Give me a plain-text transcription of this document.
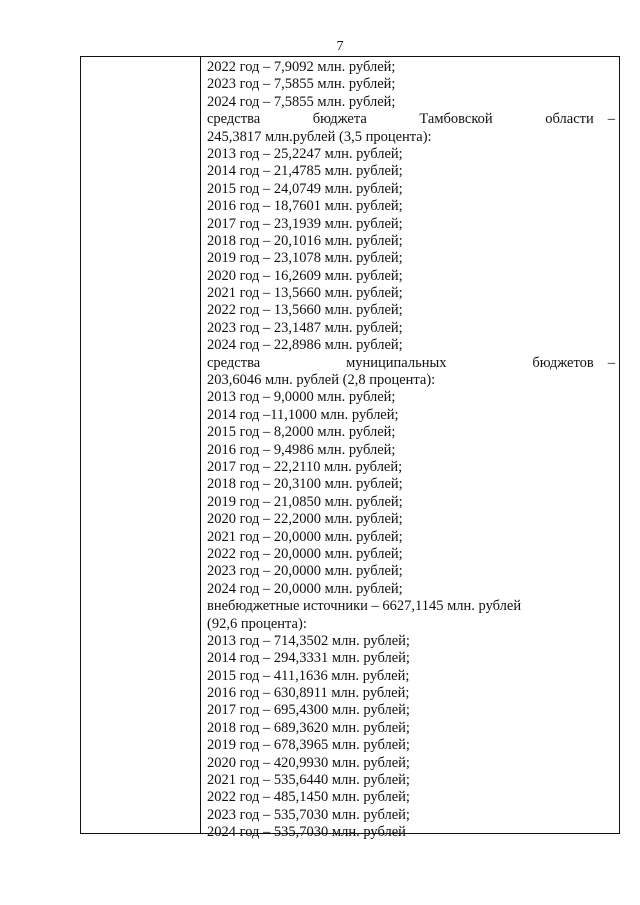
7
2022 год – 7,9092 млн. рублей;
2023 год – 7,5855 млн. рублей;
2024 год – 7,5855 млн. рублей;
средства	бюджета	Тамбовской	области –
245,3817 млн.рублей (3,5 процента):
2013 год – 25,2247 млн. рублей;
2014 год – 21,4785 млн. рублей;
2015 год – 24,0749 млн. рублей;
2016 год – 18,7601 млн. рублей;
2017 год – 23,1939 млн. рублей;
2018 год – 20,1016 млн. рублей;
2019 год – 23,1078 млн. рублей;
2020 год – 16,2609 млн. рублей;
2021 год – 13,5660 млн. рублей;
2022 год – 13,5660 млн. рублей;
2023 год – 23,1487 млн. рублей;
2024 год – 22,8986 млн. рублей;
средства	муниципальных	бюджетов –
203,6046 млн. рублей (2,8 процента):
2013 год – 9,0000 млн. рублей;
2014 год –11,1000 млн. рублей;
2015 год – 8,2000 млн. рублей;
2016 год – 9,4986 млн. рублей;
2017 год – 22,2110 млн. рублей;
2018 год – 20,3100 млн. рублей;
2019 год – 21,0850 млн. рублей;
2020 год – 22,2000 млн. рублей;
2021 год – 20,0000 млн. рублей;
2022 год – 20,0000 млн. рублей;
2023 год – 20,0000 млн. рублей;
2024 год – 20,0000 млн. рублей;
внебюджетные источники – 6627,1145 млн. рублей
(92,6 процента):
2013 год – 714,3502 млн. рублей;
2014 год – 294,3331 млн. рублей;
2015 год – 411,1636 млн. рублей;
2016 год – 630,8911 млн. рублей;
2017 год – 695,4300 млн. рублей;
2018 год – 689,3620 млн. рублей;
2019 год – 678,3965 млн. рублей;
2020 год – 420,9930 млн. рублей;
2021 год – 535,6440 млн. рублей;
2022 год – 485,1450 млн. рублей;
2023 год – 535,7030 млн. рублей;
2024 год – 535,7030 млн. рублей
